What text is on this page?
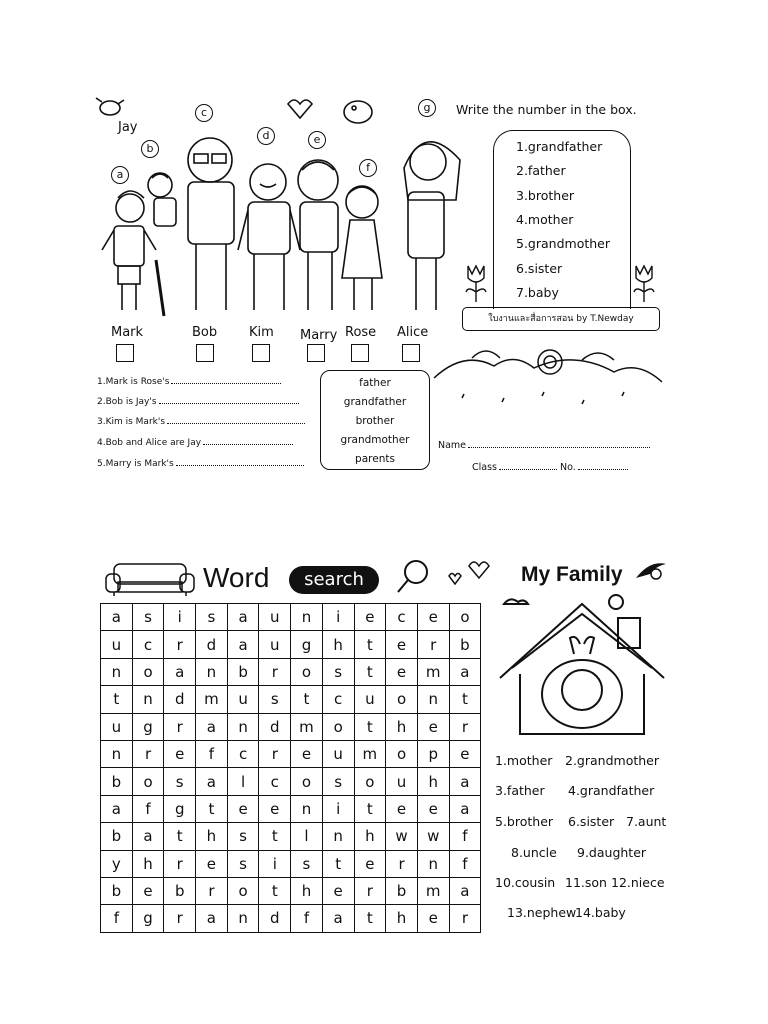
a
b
c
d	e
f
g
Jay
Mark	Bob Kim Marry Rose Alice
Write the number in the box.
1.grandfather
2.father
3.brother
4.mother
5.grandmother
6.sister
7.baby
ใบงานและสื่อการสอน by T.Newday
1.Mark is Rose's
2.Bob is Jay's
3.Kim is Mark's
4.Bob and Alice are Jay
5.Marry is Mark's
father
grandfather
brother
grandmother
parents
Name
Class	No.
Word	search
a	s	i	s	a	u	n	i	e	c	e	o
u	c	r	d	a	u	g	h	t	e	r	b
n	o	a	n	b	r	o	s	t	e	m	a
t	n	d	m	u	s	t	c	u	o	n	t
u	g	r	a	n	d	m	o	t	h	e	r
n	r	e	f	c	r	e	u	m	o	p	e
b	o	s	a	l	c	o	s	o	u	h	a
a	f	g	t	e	e	n	i	t	e	e	a
b	a	t	h	s	t	l	n	h	w	w	f
y	h	r	e	s	i	s	t	e	r	n	f
b	e	b	r	o	t	h	e	r	b	m	a
f	g	r	a	n	d	f	a	t	h	e	r
My Family
1.mother 2.grandmother
3.father 4.grandfather
5.brother 6.sister 7.aunt
8.uncle 9.daughter
10.cousin 11.son 12.niece
13.nephew
14.baby
